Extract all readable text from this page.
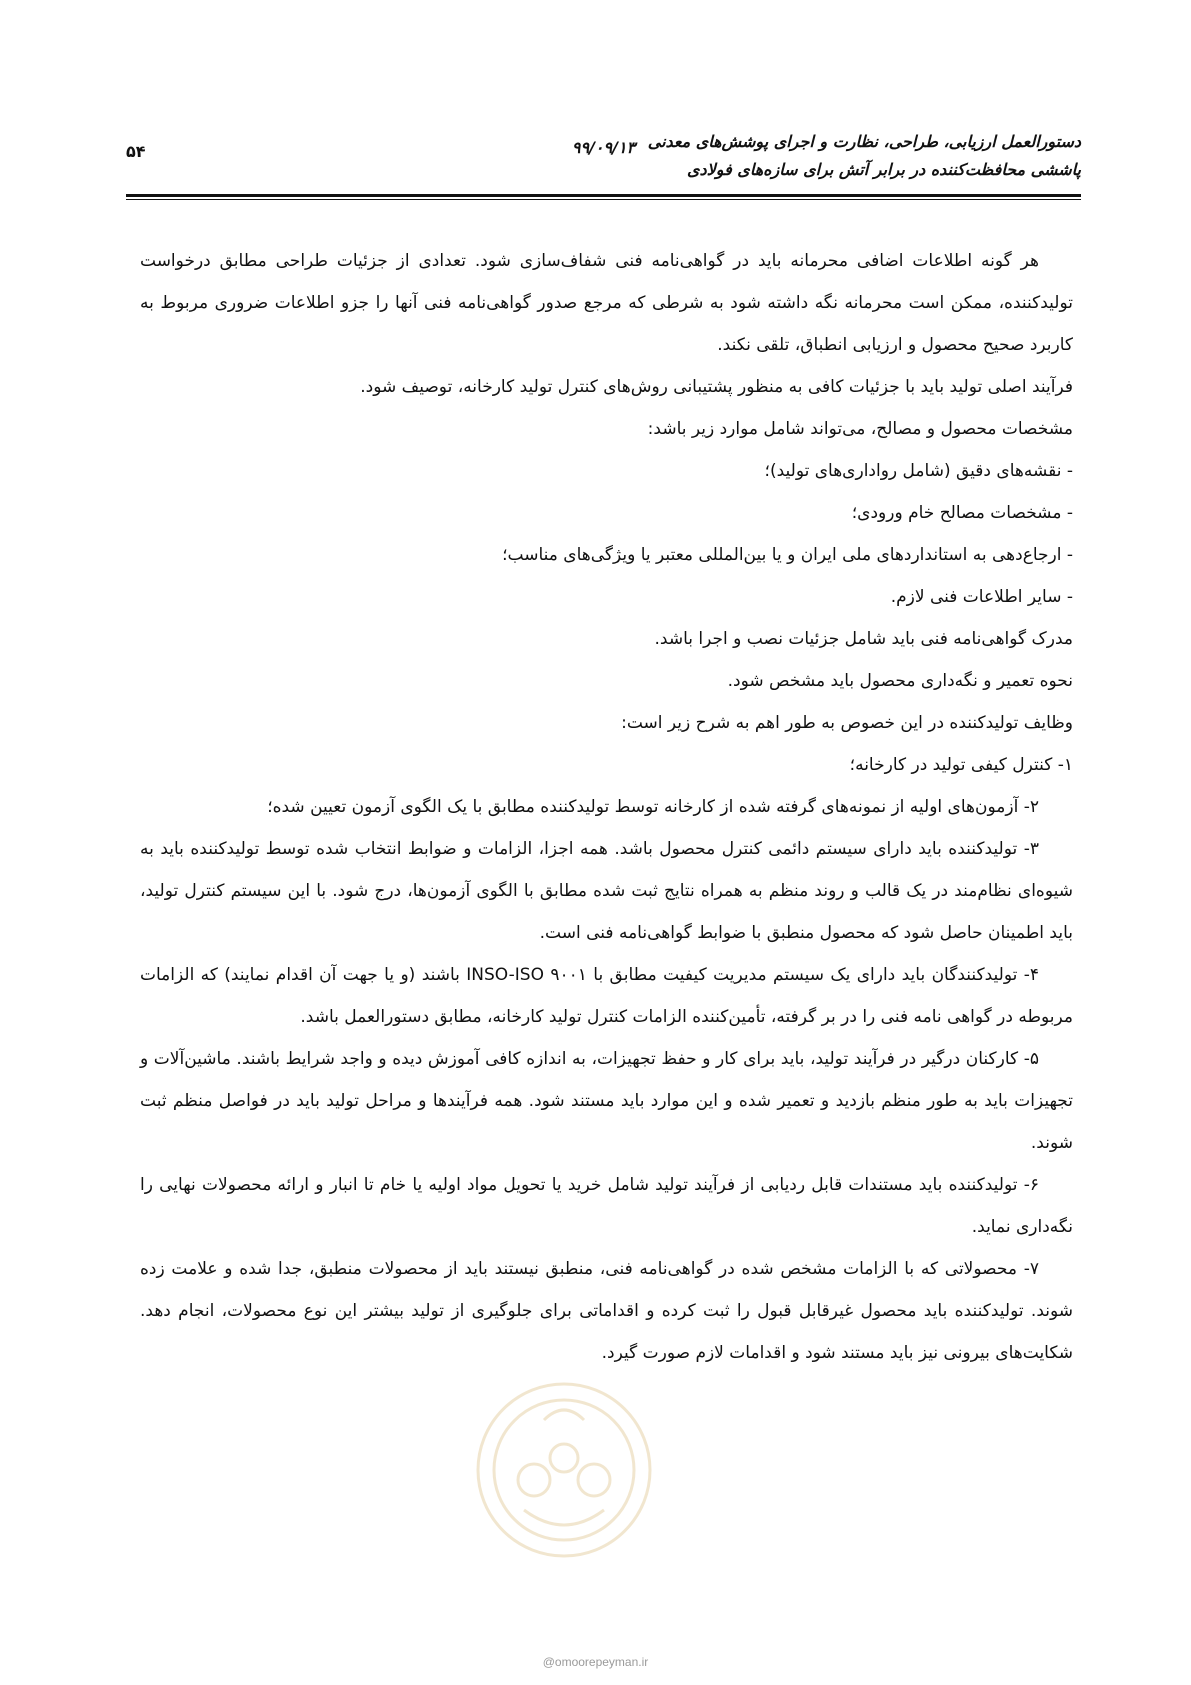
دستورالعمل ارزیابی، طراحی، نظارت و اجرای پوشش‌های معدنی
پاششی محافظت‌کننده در برابر آتش برای سازه‌های فولادی
۹۹/۰۹/۱۳
۵۴

هر گونه اطلاعات اضافی محرمانه باید در گواهی‌نامه فنی شفاف‌سازی شود. تعدادی از جزئیات طراحی مطابق درخواست تولیدکننده، ممکن است محرمانه نگه داشته شود به شرطی که مرجع صدور گواهی‌نامه فنی آنها را جزو اطلاعات ضروری مربوط به کاربرد صحیح محصول و ارزیابی انطباق، تلقی نکند.

فرآیند اصلی تولید باید با جزئیات کافی به منظور پشتیبانی روش‌های کنترل تولید کارخانه، توصیف شود.

مشخصات محصول و مصالح، می‌تواند شامل موارد زیر باشد:

- نقشه‌های دقیق (شامل رواداری‌های تولید)؛

- مشخصات مصالح خام ورودی؛

- ارجاع‌دهی به استانداردهای ملی ایران و یا بین‌المللی معتبر یا ویژگی‌های مناسب؛

- سایر اطلاعات فنی لازم.

مدرک گواهی‌نامه فنی باید شامل جزئیات نصب و اجرا باشد.

نحوه تعمیر و نگه‌داری محصول باید مشخص شود.

وظایف تولیدکننده در این خصوص به طور اهم به شرح زیر است:

۱- کنترل کیفی تولید در کارخانه؛

۲- آزمون‌های اولیه از نمونه‌های گرفته شده از کارخانه توسط تولیدکننده مطابق با یک الگوی آزمون تعیین شده؛

۳- تولیدکننده باید دارای سیستم دائمی کنترل محصول باشد. همه اجزا، الزامات و ضوابط انتخاب شده توسط تولیدکننده باید به شیوه‌ای نظام‌مند در یک قالب و روند منظم به همراه نتایج ثبت شده مطابق با الگوی آزمون‌ها، درج شود. با این سیستم کنترل تولید، باید اطمینان حاصل شود که محصول منطبق با ضوابط گواهی‌نامه فنی است.

۴- تولیدکنندگان باید دارای یک سیستم مدیریت کیفیت مطابق با INSO-ISO ۹۰۰۱ باشند (و یا جهت آن اقدام نمایند) که الزامات مربوطه در گواهی نامه فنی را در بر گرفته، تأمین‌کننده الزامات کنترل تولید کارخانه، مطابق دستورالعمل باشد.

۵- کارکنان درگیر در فرآیند تولید، باید برای کار و حفظ تجهیزات، به اندازه کافی آموزش دیده و واجد شرایط باشند. ماشین‌آلات و تجهیزات باید به طور منظم بازدید و تعمیر شده و این موارد باید مستند شود. همه فرآیندها و مراحل تولید باید در فواصل منظم ثبت شوند.

۶- تولیدکننده باید مستندات قابل ردیابی از فرآیند تولید شامل خرید یا تحویل مواد اولیه یا خام تا انبار و ارائه محصولات نهایی را نگه‌داری نماید.

۷- محصولاتی که با الزامات مشخص شده در گواهی‌نامه فنی، منطبق نیستند باید از محصولات منطبق، جدا شده و علامت زده شوند. تولیدکننده باید محصول غیرقابل قبول را ثبت کرده و اقداماتی برای جلوگیری از تولید بیشتر این نوع محصولات، انجام دهد. شکایت‌های بیرونی نیز باید مستند شود و اقدامات لازم صورت گیرد.

@omoorepeyman.ir
